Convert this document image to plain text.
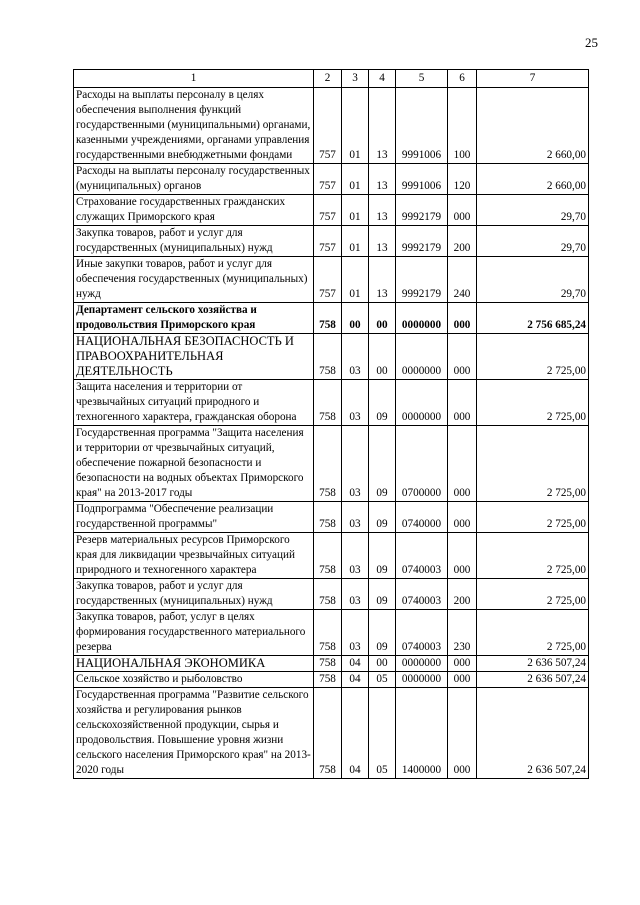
25
1	2	3	4	5	6	7
Расходы на выплаты персоналу в целях обеспечения выполнения функций государственными (муниципальными) органами, казенными учреждениями, органами управления государственными внебюджетными фондами	757	01	13	9991006	100	2 660,00
Расходы на выплаты персоналу государственных (муниципальных) органов	757	01	13	9991006	120	2 660,00
Страхование государственных гражданских служащих Приморского края	757	01	13	9992179	000	29,70
Закупка товаров, работ и услуг для государственных (муниципальных) нужд	757	01	13	9992179	200	29,70
Иные закупки товаров, работ и услуг для обеспечения государственных (муниципальных) нужд	757	01	13	9992179	240	29,70
Департамент сельского хозяйства и продовольствия Приморского края	758	00	00	0000000	000	2 756 685,24
НАЦИОНАЛЬНАЯ БЕЗОПАСНОСТЬ И ПРАВООХРАНИТЕЛЬНАЯ ДЕЯТЕЛЬНОСТЬ	758	03	00	0000000	000	2 725,00
Защита населения и территории от чрезвычайных ситуаций природного и техногенного характера, гражданская оборона	758	03	09	0000000	000	2 725,00
Государственная программа "Защита населения и территории от чрезвычайных ситуаций, обеспечение пожарной безопасности и безопасности на водных объектах Приморского края" на 2013-2017 годы	758	03	09	0700000	000	2 725,00
Подпрограмма "Обеспечение реализации государственной программы"	758	03	09	0740000	000	2 725,00
Резерв материальных ресурсов Приморского края для ликвидации чрезвычайных ситуаций природного и техногенного характера	758	03	09	0740003	000	2 725,00
Закупка товаров, работ и услуг для государственных (муниципальных) нужд	758	03	09	0740003	200	2 725,00
Закупка товаров, работ, услуг в целях формирования государственного материального резерва	758	03	09	0740003	230	2 725,00
НАЦИОНАЛЬНАЯ ЭКОНОМИКА	758	04	00	0000000	000	2 636 507,24
Сельское хозяйство и рыболовство	758	04	05	0000000	000	2 636 507,24
Государственная программа "Развитие сельского хозяйства и регулирования рынков сельскохозяйственной продукции, сырья и продовольствия. Повышение уровня жизни сельского населения Приморского края" на 2013-2020 годы	758	04	05	1400000	000	2 636 507,24
